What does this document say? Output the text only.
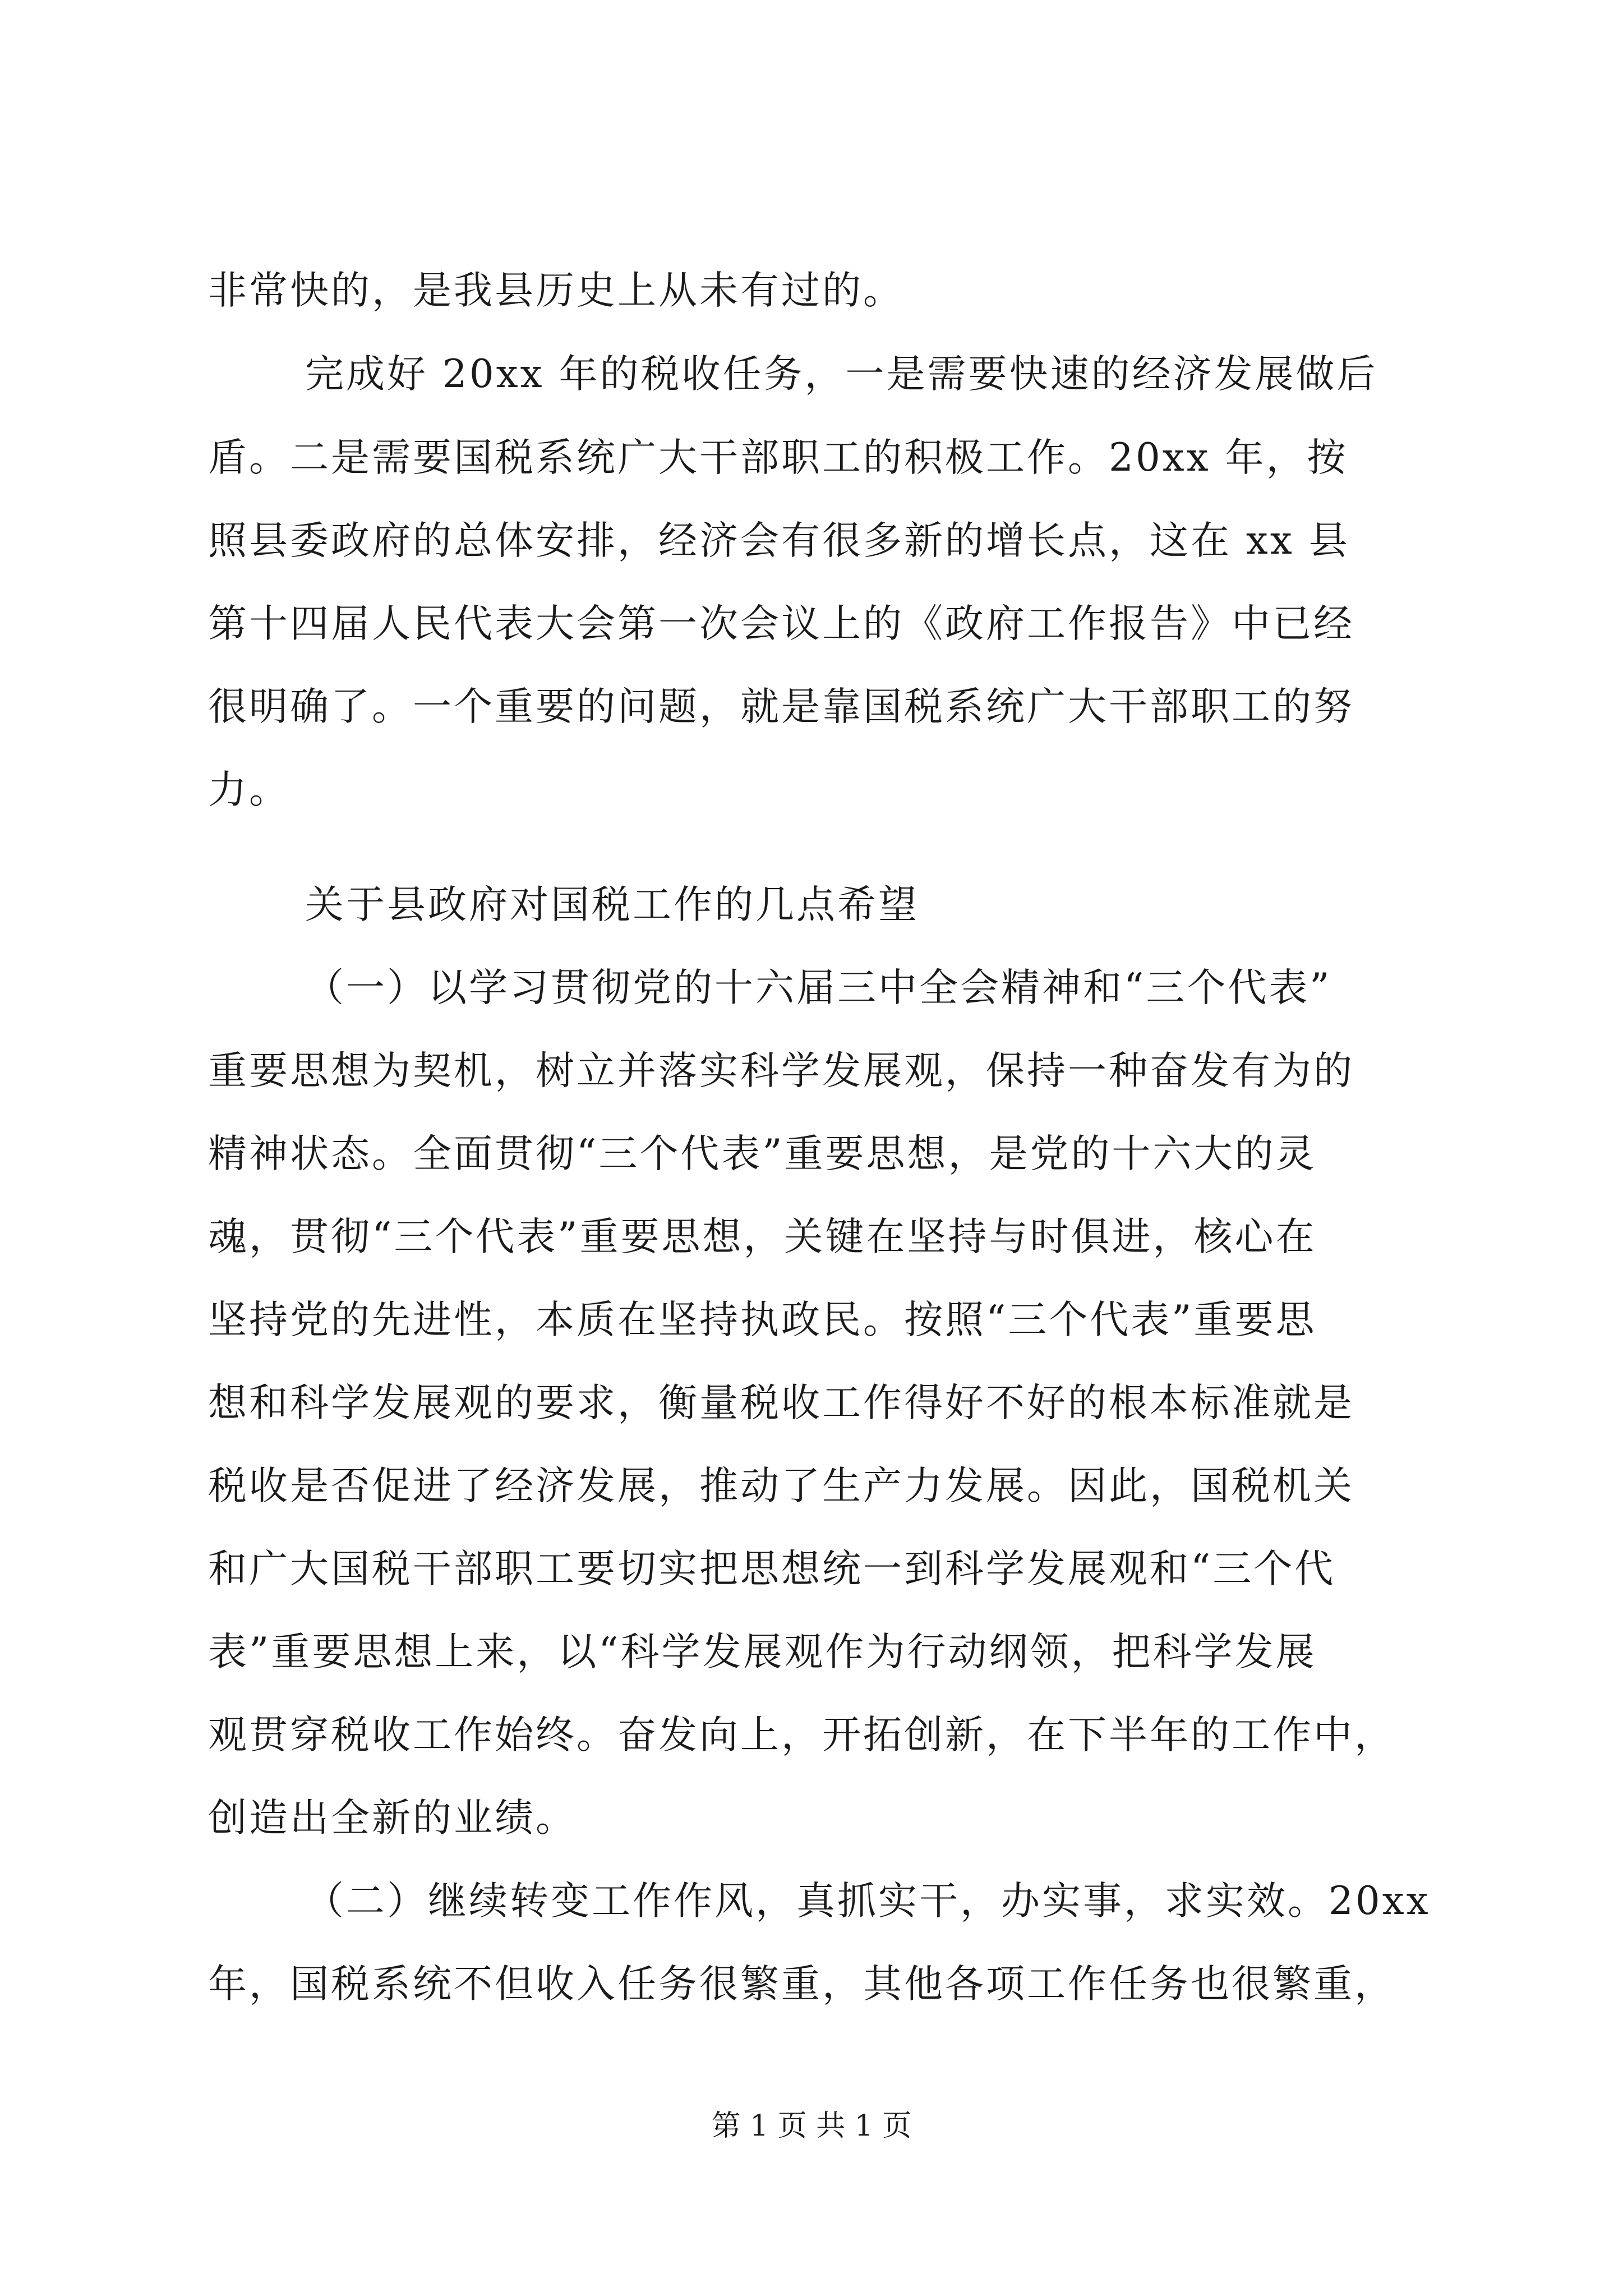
非常快的，是我县历史上从未有过的。
完成好 20xx 年的税收任务，一是需要快速的经济发展做后
盾。二是需要国税系统广大干部职工的积极工作。20xx 年，按
照县委政府的总体安排，经济会有很多新的增长点，这在 xx 县
第十四届人民代表大会第一次会议上的《政府工作报告》中已经
很明确了。一个重要的问题，就是靠国税系统广大干部职工的努
力。
关于县政府对国税工作的几点希望
（一）以学习贯彻党的十六届三中全会精神和“三个代表”
重要思想为契机，树立并落实科学发展观，保持一种奋发有为的
精神状态。全面贯彻“三个代表”重要思想，是党的十六大的灵
魂，贯彻“三个代表”重要思想，关键在坚持与时俱进，核心在
坚持党的先进性，本质在坚持执政民。按照“三个代表”重要思
想和科学发展观的要求，衡量税收工作得好不好的根本标准就是
税收是否促进了经济发展，推动了生产力发展。因此，国税机关
和广大国税干部职工要切实把思想统一到科学发展观和“三个代
表”重要思想上来，以“科学发展观作为行动纲领，把科学发展
观贯穿税收工作始终。奋发向上，开拓创新，在下半年的工作中，
创造出全新的业绩。
（二）继续转变工作作风，真抓实干，办实事，求实效。20xx
年，国税系统不但收入任务很繁重，其他各项工作任务也很繁重，
第 1 页 共 1 页
